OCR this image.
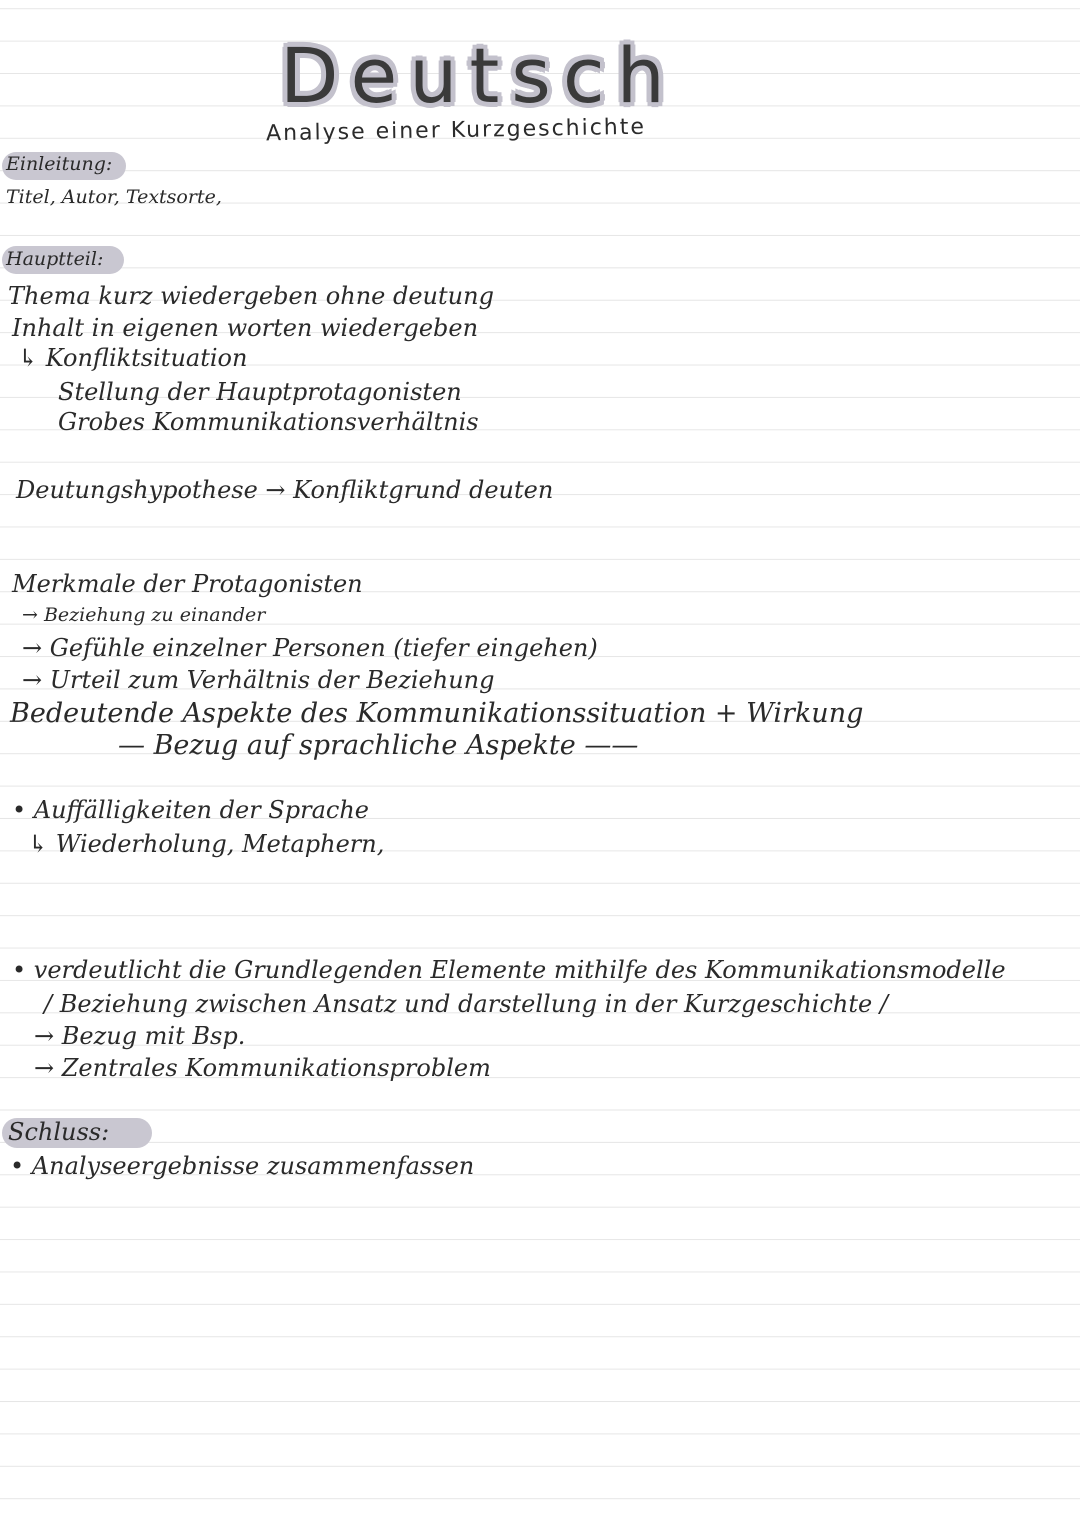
Deutsch
Analyse einer Kurzgeschichte
Einleitung:
Titel, Autor, Textsorte,
Hauptteil:
Thema kurz wiedergeben ohne deutung
Inhalt in eigenen worten wiedergeben
↳ Konfliktsituation
Stellung der Hauptprotagonisten
Grobes Kommunikationsverhältnis
Deutungshypothese → Konfliktgrund deuten
Merkmale der Protagonisten
→ Beziehung zu einander
→ Gefühle einzelner Personen (tiefer eingehen)
→ Urteil zum Verhältnis der Beziehung
Bedeutende Aspekte des Kommunikationssituation + Wirkung
— Bezug auf sprachliche Aspekte ——
• Auffälligkeiten der Sprache
↳ Wiederholung, Metaphern,
• verdeutlicht die Grundlegenden Elemente mithilfe des Kommunikationsmodelle
/ Beziehung zwischen Ansatz und darstellung in der Kurzgeschichte /
→ Bezug mit Bsp.
→ Zentrales Kommunikationsproblem
Schluss:
• Analyseergebnisse zusammenfassen
